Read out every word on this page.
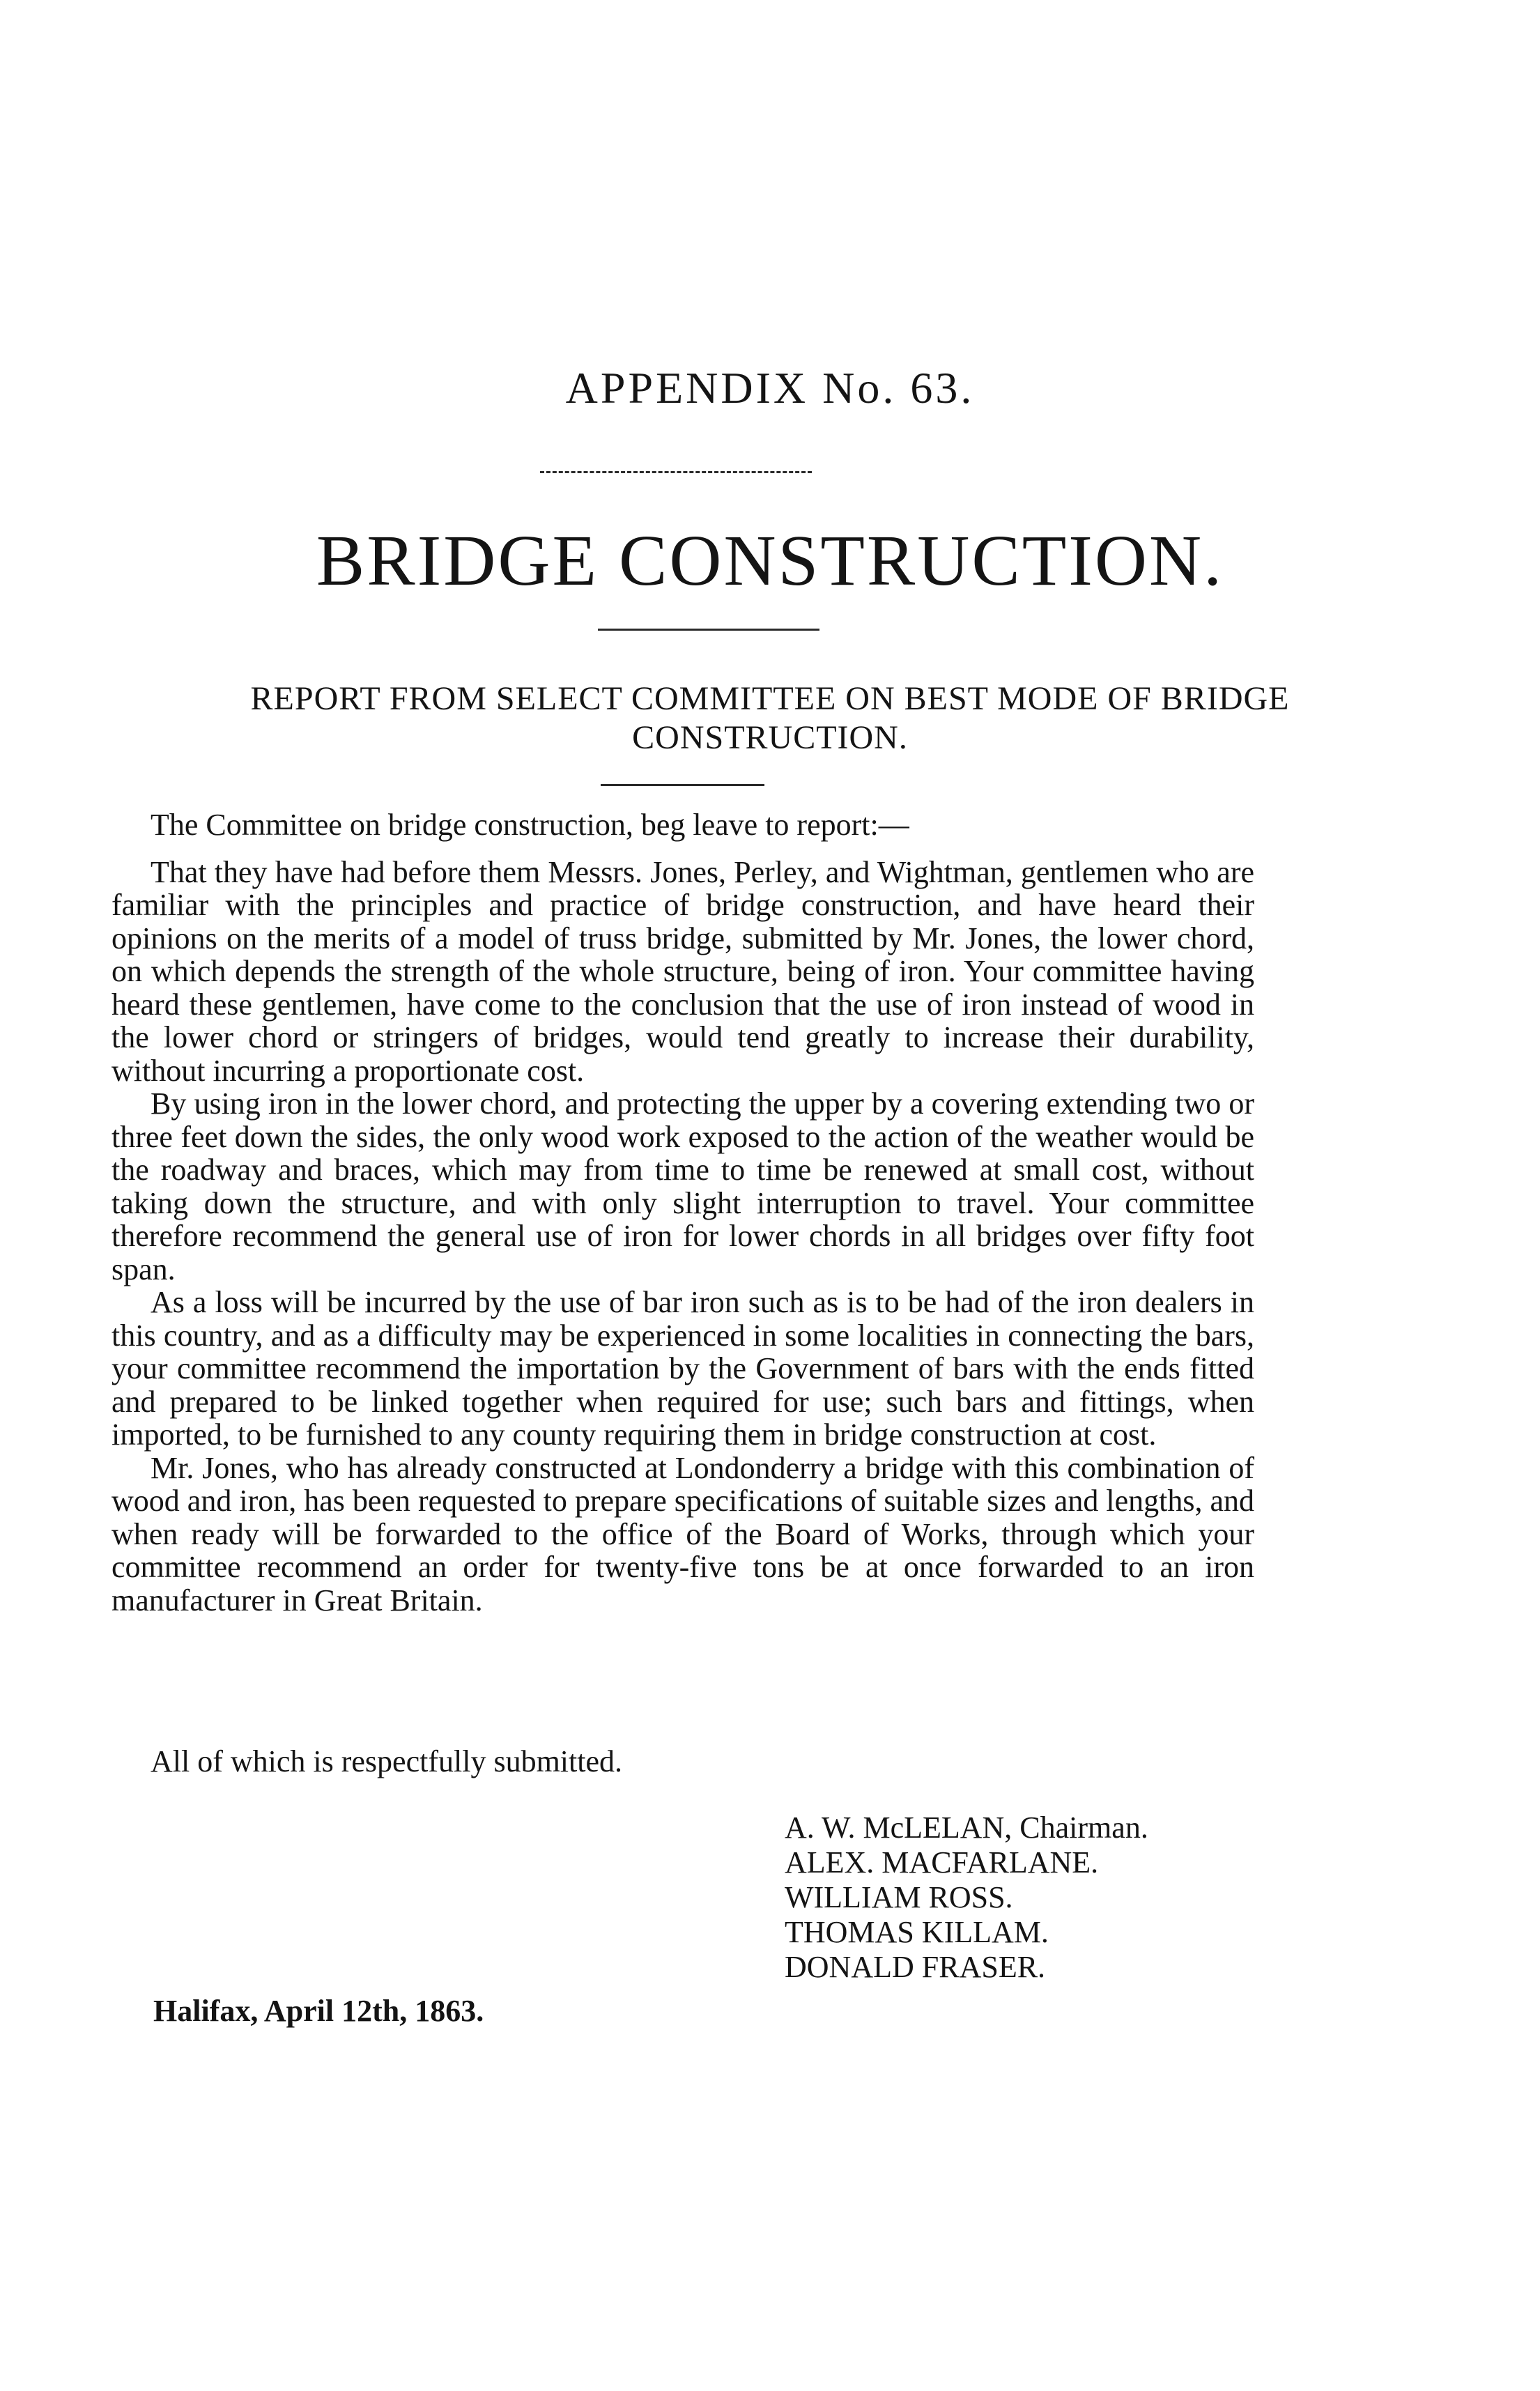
APPENDIX No. 63.
BRIDGE CONSTRUCTION.
REPORT FROM SELECT COMMITTEE ON BEST MODE OF BRIDGE CONSTRUCTION.

The Committee on bridge construction, beg leave to report:—

That they have had before them Messrs. Jones, Perley, and Wightman, gentlemen who are familiar with the principles and practice of bridge construction, and have heard their opinions on the merits of a model of truss bridge, submitted by Mr. Jones, the lower chord, on which depends the strength of the whole structure, being of iron. Your committee having heard these gentlemen, have come to the conclusion that the use of iron instead of wood in the lower chord or stringers of bridges, would tend greatly to increase their durability, without incurring a proportionate cost.

By using iron in the lower chord, and protecting the upper by a covering extending two or three feet down the sides, the only wood work exposed to the action of the weather would be the roadway and braces, which may from time to time be renewed at small cost, without taking down the structure, and with only slight interruption to travel. Your committee therefore recommend the general use of iron for lower chords in all bridges over fifty foot span.

As a loss will be incurred by the use of bar iron such as is to be had of the iron dealers in this country, and as a difficulty may be experienced in some localities in connecting the bars, your committee recommend the importation by the Government of bars with the ends fitted and prepared to be linked together when required for use; such bars and fittings, when imported, to be furnished to any county requiring them in bridge construction at cost.

Mr. Jones, who has already constructed at Londonderry a bridge with this combination of wood and iron, has been requested to prepare specifications of suitable sizes and lengths, and when ready will be forwarded to the office of the Board of Works, through which your committee recommend an order for twenty-five tons be at once forwarded to an iron manufacturer in Great Britain.

All of which is respectfully submitted.
A. W. McLELAN, Chairman.
ALEX. MACFARLANE.
WILLIAM ROSS.
THOMAS KILLAM.
DONALD FRASER.
Halifax, April 12th, 1863.
